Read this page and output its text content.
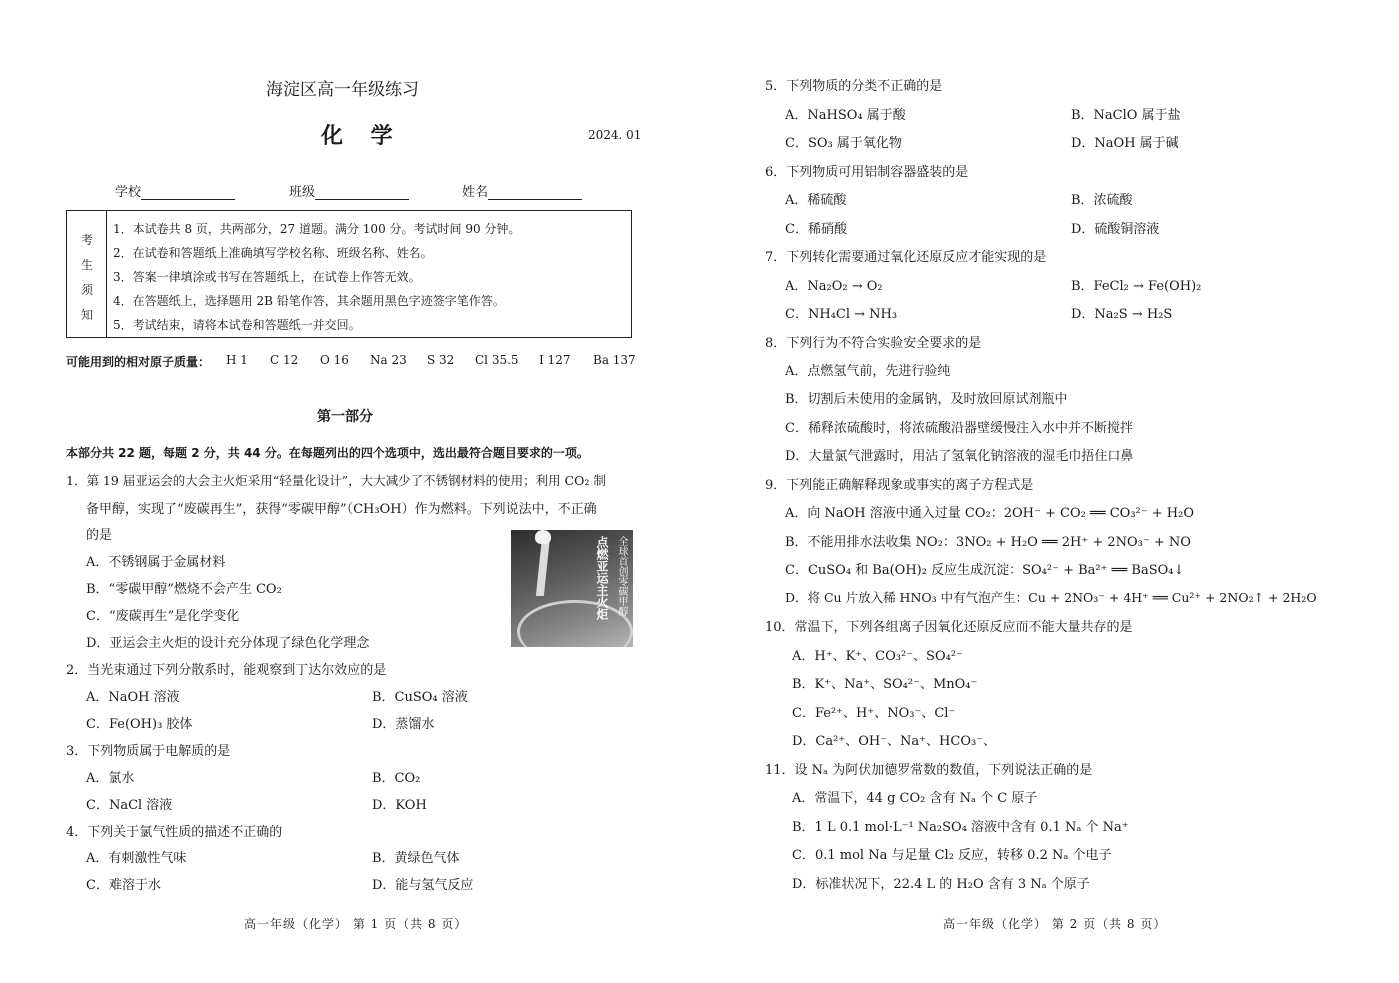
海淀区高一年级练习
化 学	2024. 01
学校	班级	姓名
考
生
须
知
1．本试卷共 8 页，共两部分，27 道题。满分 100 分。考试时间 90 分钟。
2．在试卷和答题纸上准确填写学校名称、班级名称、姓名。
3．答案一律填涂或书写在答题纸上，在试卷上作答无效。
4．在答题纸上，选择题用 2B 铅笔作答，其余题用黑色字迹签字笔作答。
5．考试结束，请将本试卷和答题纸一并交回。
可能用到的相对原子质量： H 1 C 12 O 16 Na 23 S 32 Cl 35.5 I 127 Ba 137
第一部分
本部分共 22 题，每题 2 分，共 44 分。在每题列出的四个选项中，选出最符合题目要求的一项。
1．第 19 届亚运会的大会主火炬采用“轻量化设计”，大大减少了不锈钢材料的使用；利用 CO₂ 制
备甲醇，实现了“废碳再生”，获得“零碳甲醇”（CH₃OH）作为燃料。下列说法中，不正确
的是
A．不锈钢属于金属材料
B．“零碳甲醇”燃烧不会产生 CO₂
C．“废碳再生”是化学变化
D．亚运会主火炬的设计充分体现了绿色化学理念
点燃亚运主火炬 全球首创零碳甲醇
2．当光束通过下列分散系时，能观察到丁达尔效应的是
A．NaOH 溶液	B．CuSO₄ 溶液
C．Fe(OH)₃ 胶体	D．蒸馏水
3．下列物质属于电解质的是
A．氯水	B．CO₂
C．NaCl 溶液	D．KOH
4．下列关于氯气性质的描述不正确的
A．有刺激性气味	B．黄绿色气体
C．难溶于水	D．能与氢气反应
高一年级（化学） 第 1 页（共 8 页）
5．下列物质的分类不正确的是
A．NaHSO₄ 属于酸	B．NaClO 属于盐
C．SO₃ 属于氧化物	D．NaOH 属于碱
6．下列物质可用铝制容器盛装的是
A．稀硫酸	B．浓硫酸
C．稀硝酸	D．硫酸铜溶液
7．下列转化需要通过氧化还原反应才能实现的是
A．Na₂O₂ → O₂	B．FeCl₂ → Fe(OH)₂
C．NH₄Cl → NH₃	D．Na₂S → H₂S
8．下列行为不符合实验安全要求的是
A．点燃氢气前，先进行验纯
B．切割后未使用的金属钠，及时放回原试剂瓶中
C．稀释浓硫酸时，将浓硫酸沿器壁缓慢注入水中并不断搅拌
D．大量氯气泄露时，用沾了氢氧化钠溶液的湿毛巾捂住口鼻
9．下列能正确解释现象或事实的离子方程式是
A．向 NaOH 溶液中通入过量 CO₂：2OH⁻ + CO₂ ══ CO₃²⁻ + H₂O
B．不能用排水法收集 NO₂：3NO₂ + H₂O ══ 2H⁺ + 2NO₃⁻ + NO
C．CuSO₄ 和 Ba(OH)₂ 反应生成沉淀：SO₄²⁻ + Ba²⁺ ══ BaSO₄↓
D．将 Cu 片放入稀 HNO₃ 中有气泡产生：Cu + 2NO₃⁻ + 4H⁺ ══ Cu²⁺ + 2NO₂↑ + 2H₂O
10．常温下，下列各组离子因氧化还原反应而不能大量共存的是
A．H⁺、K⁺、CO₃²⁻、SO₄²⁻
B．K⁺、Na⁺、SO₄²⁻、MnO₄⁻
C．Fe²⁺、H⁺、NO₃⁻、Cl⁻
D．Ca²⁺、OH⁻、Na⁺、HCO₃⁻、
11．设 Nₐ 为阿伏加德罗常数的数值，下列说法正确的是
A．常温下，44 g CO₂ 含有 Nₐ 个 C 原子
B．1 L 0.1 mol·L⁻¹ Na₂SO₄ 溶液中含有 0.1 Nₐ 个 Na⁺
C．0.1 mol Na 与足量 Cl₂ 反应，转移 0.2 Nₐ 个电子
D．标准状况下，22.4 L 的 H₂O 含有 3 Nₐ 个原子
高一年级（化学） 第 2 页（共 8 页）
